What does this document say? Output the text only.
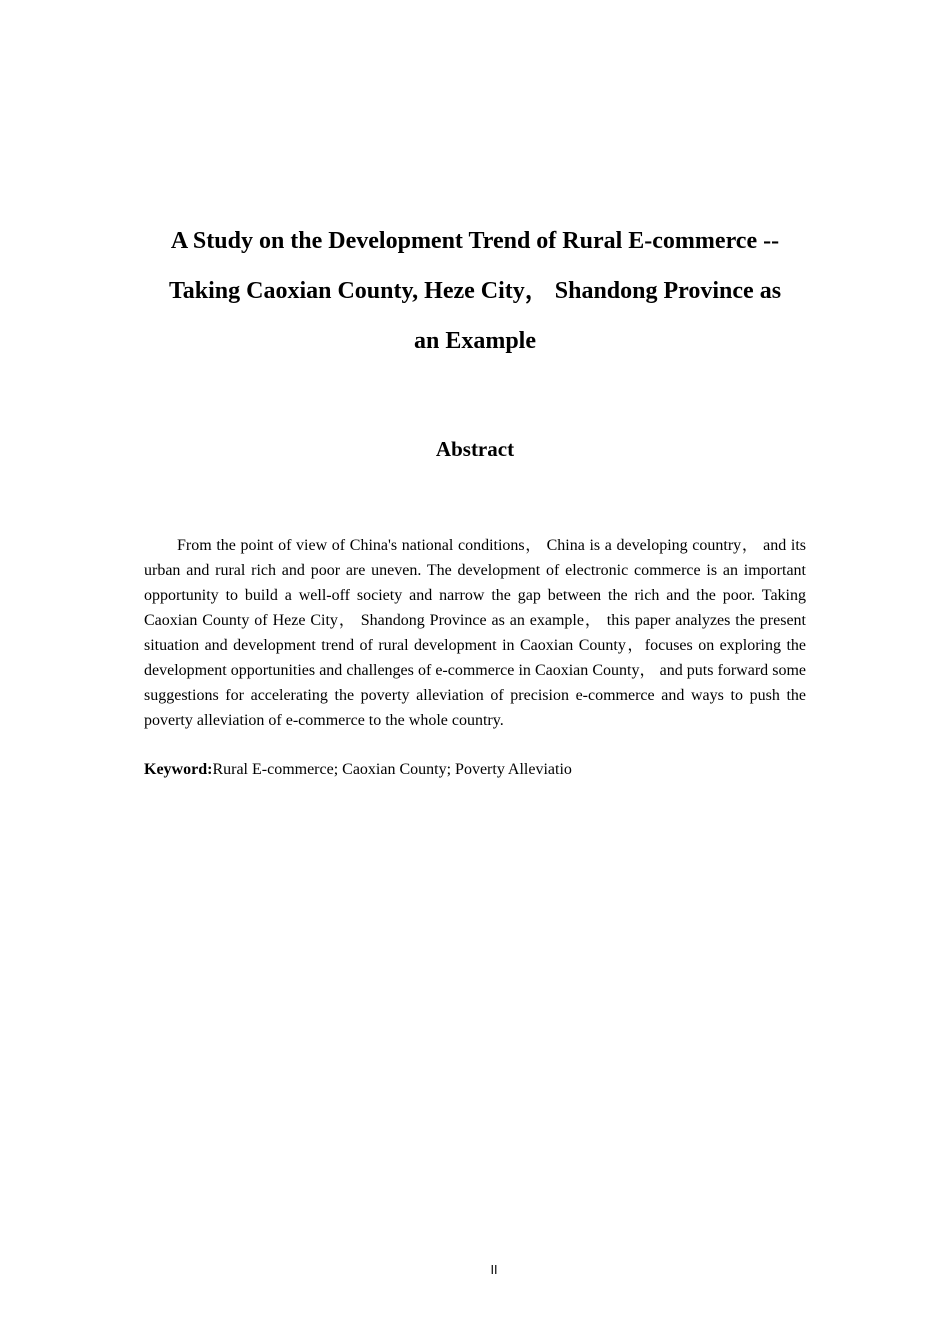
A Study on the Development Trend of Rural E-commerce --
Taking Caoxian County, Heze City， Shandong Province as
an Example
Abstract

From the point of view of China's national conditions， China is a developing country， and its urban and rural rich and poor are uneven. The development of electronic commerce is an important opportunity to build a well-off society and narrow the gap between the rich and the poor. Taking Caoxian County of Heze City， Shandong Province as an example， this paper analyzes the present situation and development trend of rural development in Caoxian County，focuses on exploring the development opportunities and challenges of e-commerce in Caoxian County， and puts forward some suggestions for accelerating the poverty alleviation of precision e-commerce and ways to push the poverty alleviation of e-commerce to the whole country.

Keyword:Rural E-commerce; Caoxian County; Poverty Alleviatio

II
